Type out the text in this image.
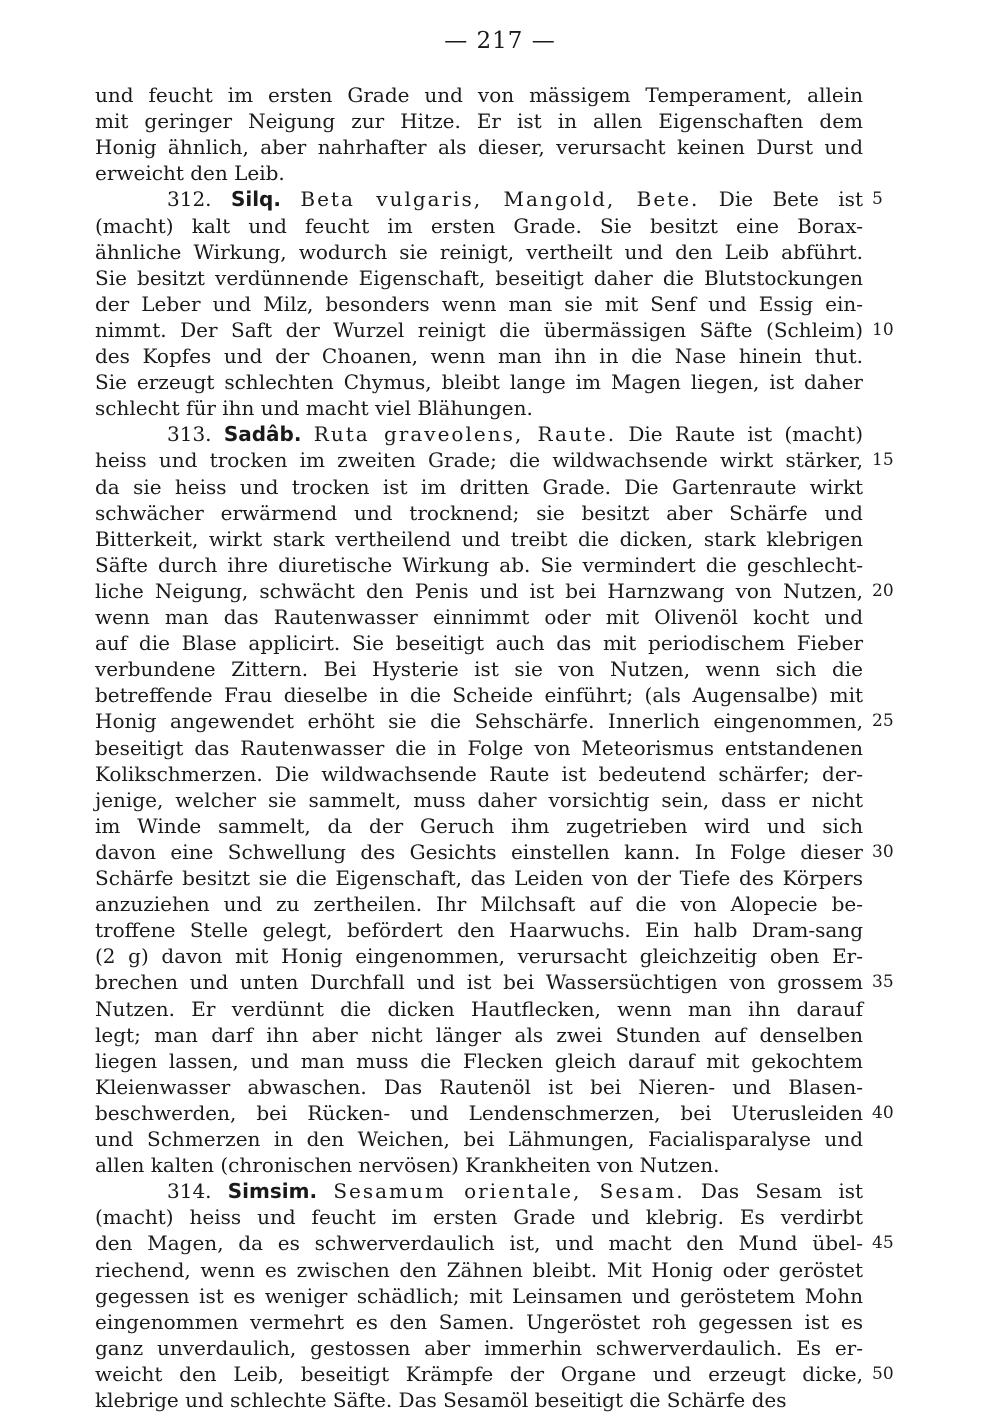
— 217 —
und feucht im ersten Grade und von mässigem Temperament, allein
mit geringer Neigung zur Hitze. Er ist in allen Eigenschaften dem
Honig ähnlich, aber nahrhafter als dieser, verursacht keinen Durst und
erweicht den Leib.
312. Silq. Beta vulgaris, Mangold, Bete. Die Bete ist
(macht) kalt und feucht im ersten Grade. Sie besitzt eine Borax-
ähnliche Wirkung, wodurch sie reinigt, vertheilt und den Leib abführt.
Sie besitzt verdünnende Eigenschaft, beseitigt daher die Blutstockungen
der Leber und Milz, besonders wenn man sie mit Senf und Essig ein-
nimmt. Der Saft der Wurzel reinigt die übermässigen Säfte (Schleim)
des Kopfes und der Choanen, wenn man ihn in die Nase hinein thut.
Sie erzeugt schlechten Chymus, bleibt lange im Magen liegen, ist daher
schlecht für ihn und macht viel Blähungen.
313. Sadâb. Ruta graveolens, Raute. Die Raute ist (macht)
heiss und trocken im zweiten Grade; die wildwachsende wirkt stärker,
da sie heiss und trocken ist im dritten Grade. Die Gartenraute wirkt
schwächer erwärmend und trocknend; sie besitzt aber Schärfe und
Bitterkeit, wirkt stark vertheilend und treibt die dicken, stark klebrigen
Säfte durch ihre diuretische Wirkung ab. Sie vermindert die geschlecht-
liche Neigung, schwächt den Penis und ist bei Harnzwang von Nutzen,
wenn man das Rautenwasser einnimmt oder mit Olivenöl kocht und
auf die Blase applicirt. Sie beseitigt auch das mit periodischem Fieber
verbundene Zittern. Bei Hysterie ist sie von Nutzen, wenn sich die
betreffende Frau dieselbe in die Scheide einführt; (als Augensalbe) mit
Honig angewendet erhöht sie die Sehschärfe. Innerlich eingenommen,
beseitigt das Rautenwasser die in Folge von Meteorismus entstandenen
Kolikschmerzen. Die wildwachsende Raute ist bedeutend schärfer; der-
jenige, welcher sie sammelt, muss daher vorsichtig sein, dass er nicht
im Winde sammelt, da der Geruch ihm zugetrieben wird und sich
davon eine Schwellung des Gesichts einstellen kann. In Folge dieser
Schärfe besitzt sie die Eigenschaft, das Leiden von der Tiefe des Körpers
anzuziehen und zu zertheilen. Ihr Milchsaft auf die von Alopecie be-
troffene Stelle gelegt, befördert den Haarwuchs. Ein halb Dram-sang
(2 g) davon mit Honig eingenommen, verursacht gleichzeitig oben Er-
brechen und unten Durchfall und ist bei Wassersüchtigen von grossem
Nutzen. Er verdünnt die dicken Hautflecken, wenn man ihn darauf
legt; man darf ihn aber nicht länger als zwei Stunden auf denselben
liegen lassen, und man muss die Flecken gleich darauf mit gekochtem
Kleienwasser abwaschen. Das Rautenöl ist bei Nieren- und Blasen-
beschwerden, bei Rücken- und Lendenschmerzen, bei Uterusleiden
und Schmerzen in den Weichen, bei Lähmungen, Facialisparalyse und
allen kalten (chronischen nervösen) Krankheiten von Nutzen.
314. Simsim. Sesamum orientale, Sesam. Das Sesam ist
(macht) heiss und feucht im ersten Grade und klebrig. Es verdirbt
den Magen, da es schwerverdaulich ist, und macht den Mund übel-
riechend, wenn es zwischen den Zähnen bleibt. Mit Honig oder geröstet
gegessen ist es weniger schädlich; mit Leinsamen und geröstetem Mohn
eingenommen vermehrt es den Samen. Ungeröstet roh gegessen ist es
ganz unverdaulich, gestossen aber immerhin schwerverdaulich. Es er-
weicht den Leib, beseitigt Krämpfe der Organe und erzeugt dicke,
klebrige und schlechte Säfte. Das Sesamöl beseitigt die Schärfe des
5
10
15
20
25
30
35
40
45
50
